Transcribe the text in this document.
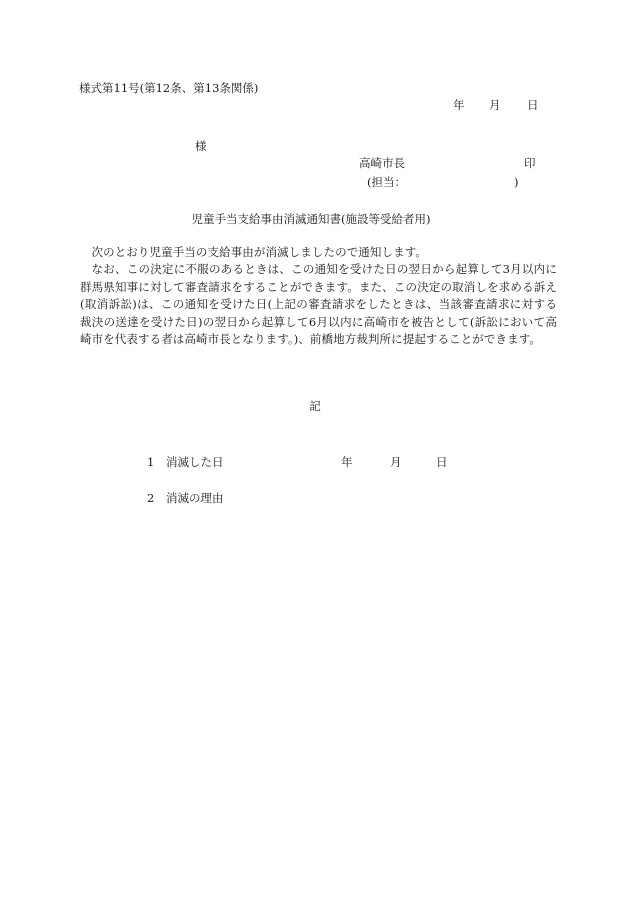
様式第11号(第12条、第13条関係)
年 月 日
様
高崎市長	印
(担当：	)
児童手当支給事由消滅通知書(施設等受給者用)

次のとおり児童手当の支給事由が消滅しましたので通知します。

なお、この決定に不服のあるときは、この通知を受けた日の翌日から起算して3月以内に群馬県知事に対して審査請求をすることができます。また、この決定の取消しを求める訴え(取消訴訟)は、この通知を受けた日(上記の審査請求をしたときは、当該審査請求に対する裁決の送達を受けた日)の翌日から起算して6月以内に高崎市を被告として(訴訟において高崎市を代表する者は高崎市長となります。)、前橋地方裁判所に提起することができます。

記
1 消滅した日	年	月	日
2 消滅の理由
